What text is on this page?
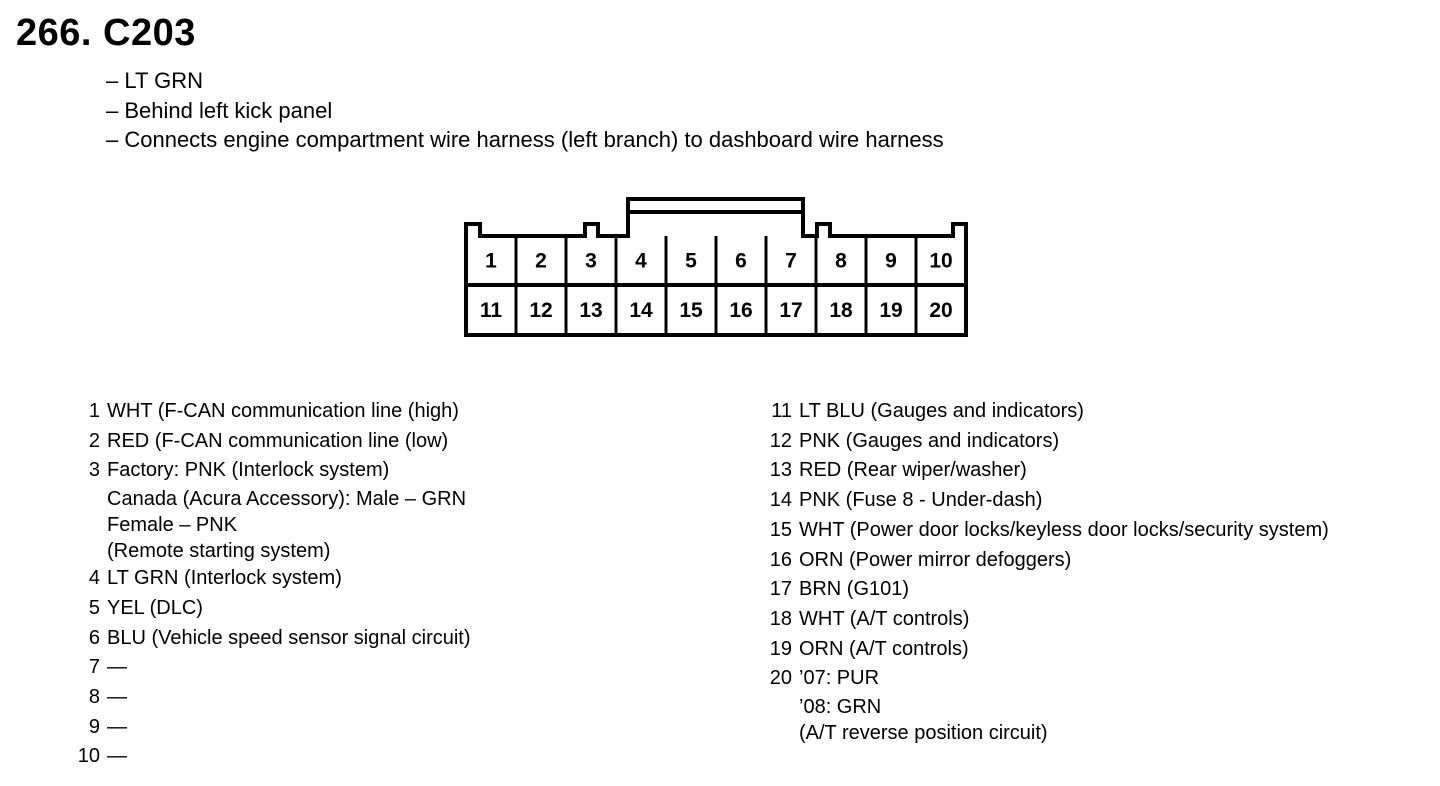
266. C203
– LT GRN
– Behind left kick panel
– Connects engine compartment wire harness (left branch) to dashboard wire harness
1 2 3 4 5 6 7 8 9 10
11 12 13 14 15 16 17 18 19 20
1 WHT (F-CAN communication line (high)
2 RED (F-CAN communication line (low)
3 Factory: PNK (Interlock system)
Canada (Acura Accessory): Male – GRN
Female – PNK
(Remote starting system)
4 LT GRN (Interlock system)
5 YEL (DLC)
6 BLU (Vehicle speed sensor signal circuit)
7 —
8 —
9 —
10 —
11 LT BLU (Gauges and indicators)
12 PNK (Gauges and indicators)
13 RED (Rear wiper/washer)
14 PNK (Fuse 8 - Under-dash)
15 WHT (Power door locks/keyless door locks/security system)
16 ORN (Power mirror defoggers)
17 BRN (G101)
18 WHT (A/T controls)
19 ORN (A/T controls)
20 ’07: PUR
’08: GRN
(A/T reverse position circuit)
